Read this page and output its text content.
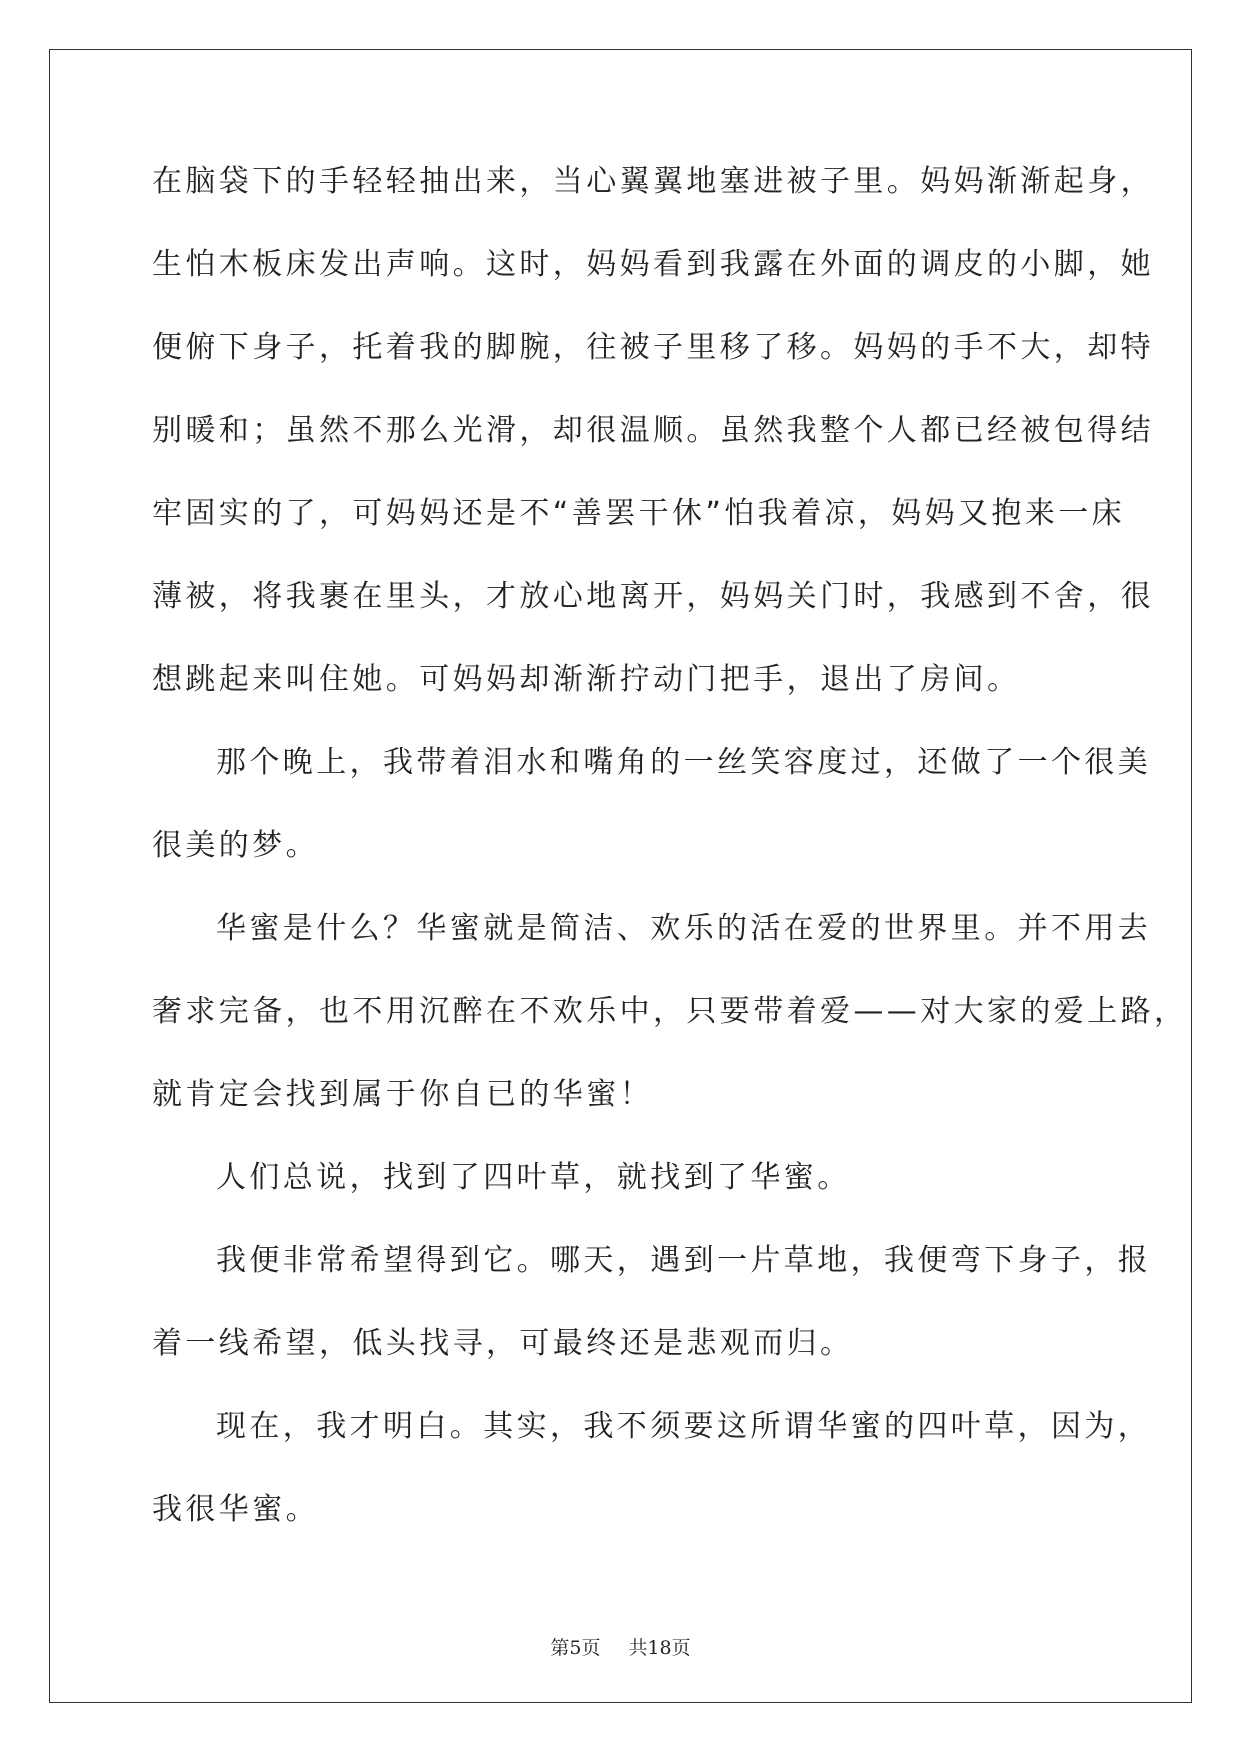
在脑袋下的手轻轻抽出来，当心翼翼地塞进被子里。妈妈渐渐起身，
生怕木板床发出声响。这时，妈妈看到我露在外面的调皮的小脚，她
便俯下身子，托着我的脚腕，往被子里移了移。妈妈的手不大，却特
别暖和；虽然不那么光滑，却很温顺。虽然我整个人都已经被包得结
牢固实的了，可妈妈还是不“善罢干休”怕我着凉，妈妈又抱来一床
薄被，将我裹在里头，才放心地离开，妈妈关门时，我感到不舍，很
想跳起来叫住她。可妈妈却渐渐拧动门把手，退出了房间。
那个晚上，我带着泪水和嘴角的一丝笑容度过，还做了一个很美
很美的梦。
华蜜是什么？华蜜就是简洁、欢乐的活在爱的世界里。并不用去
奢求完备，也不用沉醉在不欢乐中，只要带着爱——对大家的爱上路，
就肯定会找到属于你自已的华蜜！
人们总说，找到了四叶草，就找到了华蜜。
我便非常希望得到它。哪天，遇到一片草地，我便弯下身子，报
着一线希望，低头找寻，可最终还是悲观而归。
现在，我才明白。其实，我不须要这所谓华蜜的四叶草，因为，
我很华蜜。
第5页 共18页
